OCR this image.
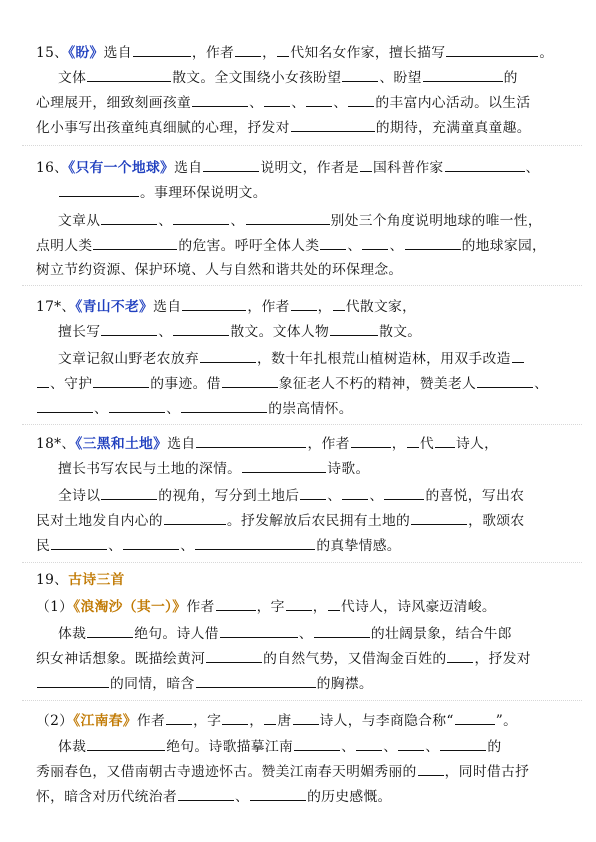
15、《盼》选自	，作者 ， 代知名女作家，擅长描写	。
文体	散文。全文围绕小女孩盼望	、盼望	的
心理展开，细致刻画孩童	、 、 、 的丰富内心活动。以生活
化小事写出孩童纯真细腻的心理，抒发对	的期待，充满童真童趣。
16、《只有一个地球》选自	说明文，作者是 国科普作家	、
。事理环保说明文。
文章从	、	、	别处三个角度说明地球的唯一性，
点明人类	的危害。呼吁全体人类 、 、	的地球家园，
树立节约资源、保护环境、人与自然和谐共处的环保理念。
17*、《青山不老》选自	，作者 ， 代散文家，
擅长写	、	散文。文体人物	散文。
文章记叙山野老农放弃	，数十年扎根荒山植树造林，用双手改造
、守护	的事迹。借	象征老人不朽的精神，赞美老人	、
、	、	的崇高情怀。
18*、《三黑和土地》选自	，作者	， 代 诗人，
擅长书写农民与土地的深情。	诗歌。
全诗以	的视角，写分到土地后 、 、	的喜悦，写出农
民对土地发自内心的	。抒发解放后农民拥有土地的	，歌颂农
民	、	、	的真挚情感。
19、古诗三首
（1）《浪淘沙（其一）》作者	，字 ， 代诗人，诗风豪迈清峻。
体裁	绝句。诗人借	、	的壮阔景象，结合牛郎
织女神话想象。既描绘黄河	的自然气势，又借淘金百姓的 ，抒发对
的同情，暗含	的胸襟。
（2）《江南春》作者 ，字 ， 唐 诗人，与李商隐合称“	”。
体裁	绝句。诗歌描摹江南	、 、 、	的
秀丽春色，又借南朝古寺遗迹怀古。赞美江南春天明媚秀丽的 ，同时借古抒
怀，暗含对历代统治者	、	的历史感慨。
